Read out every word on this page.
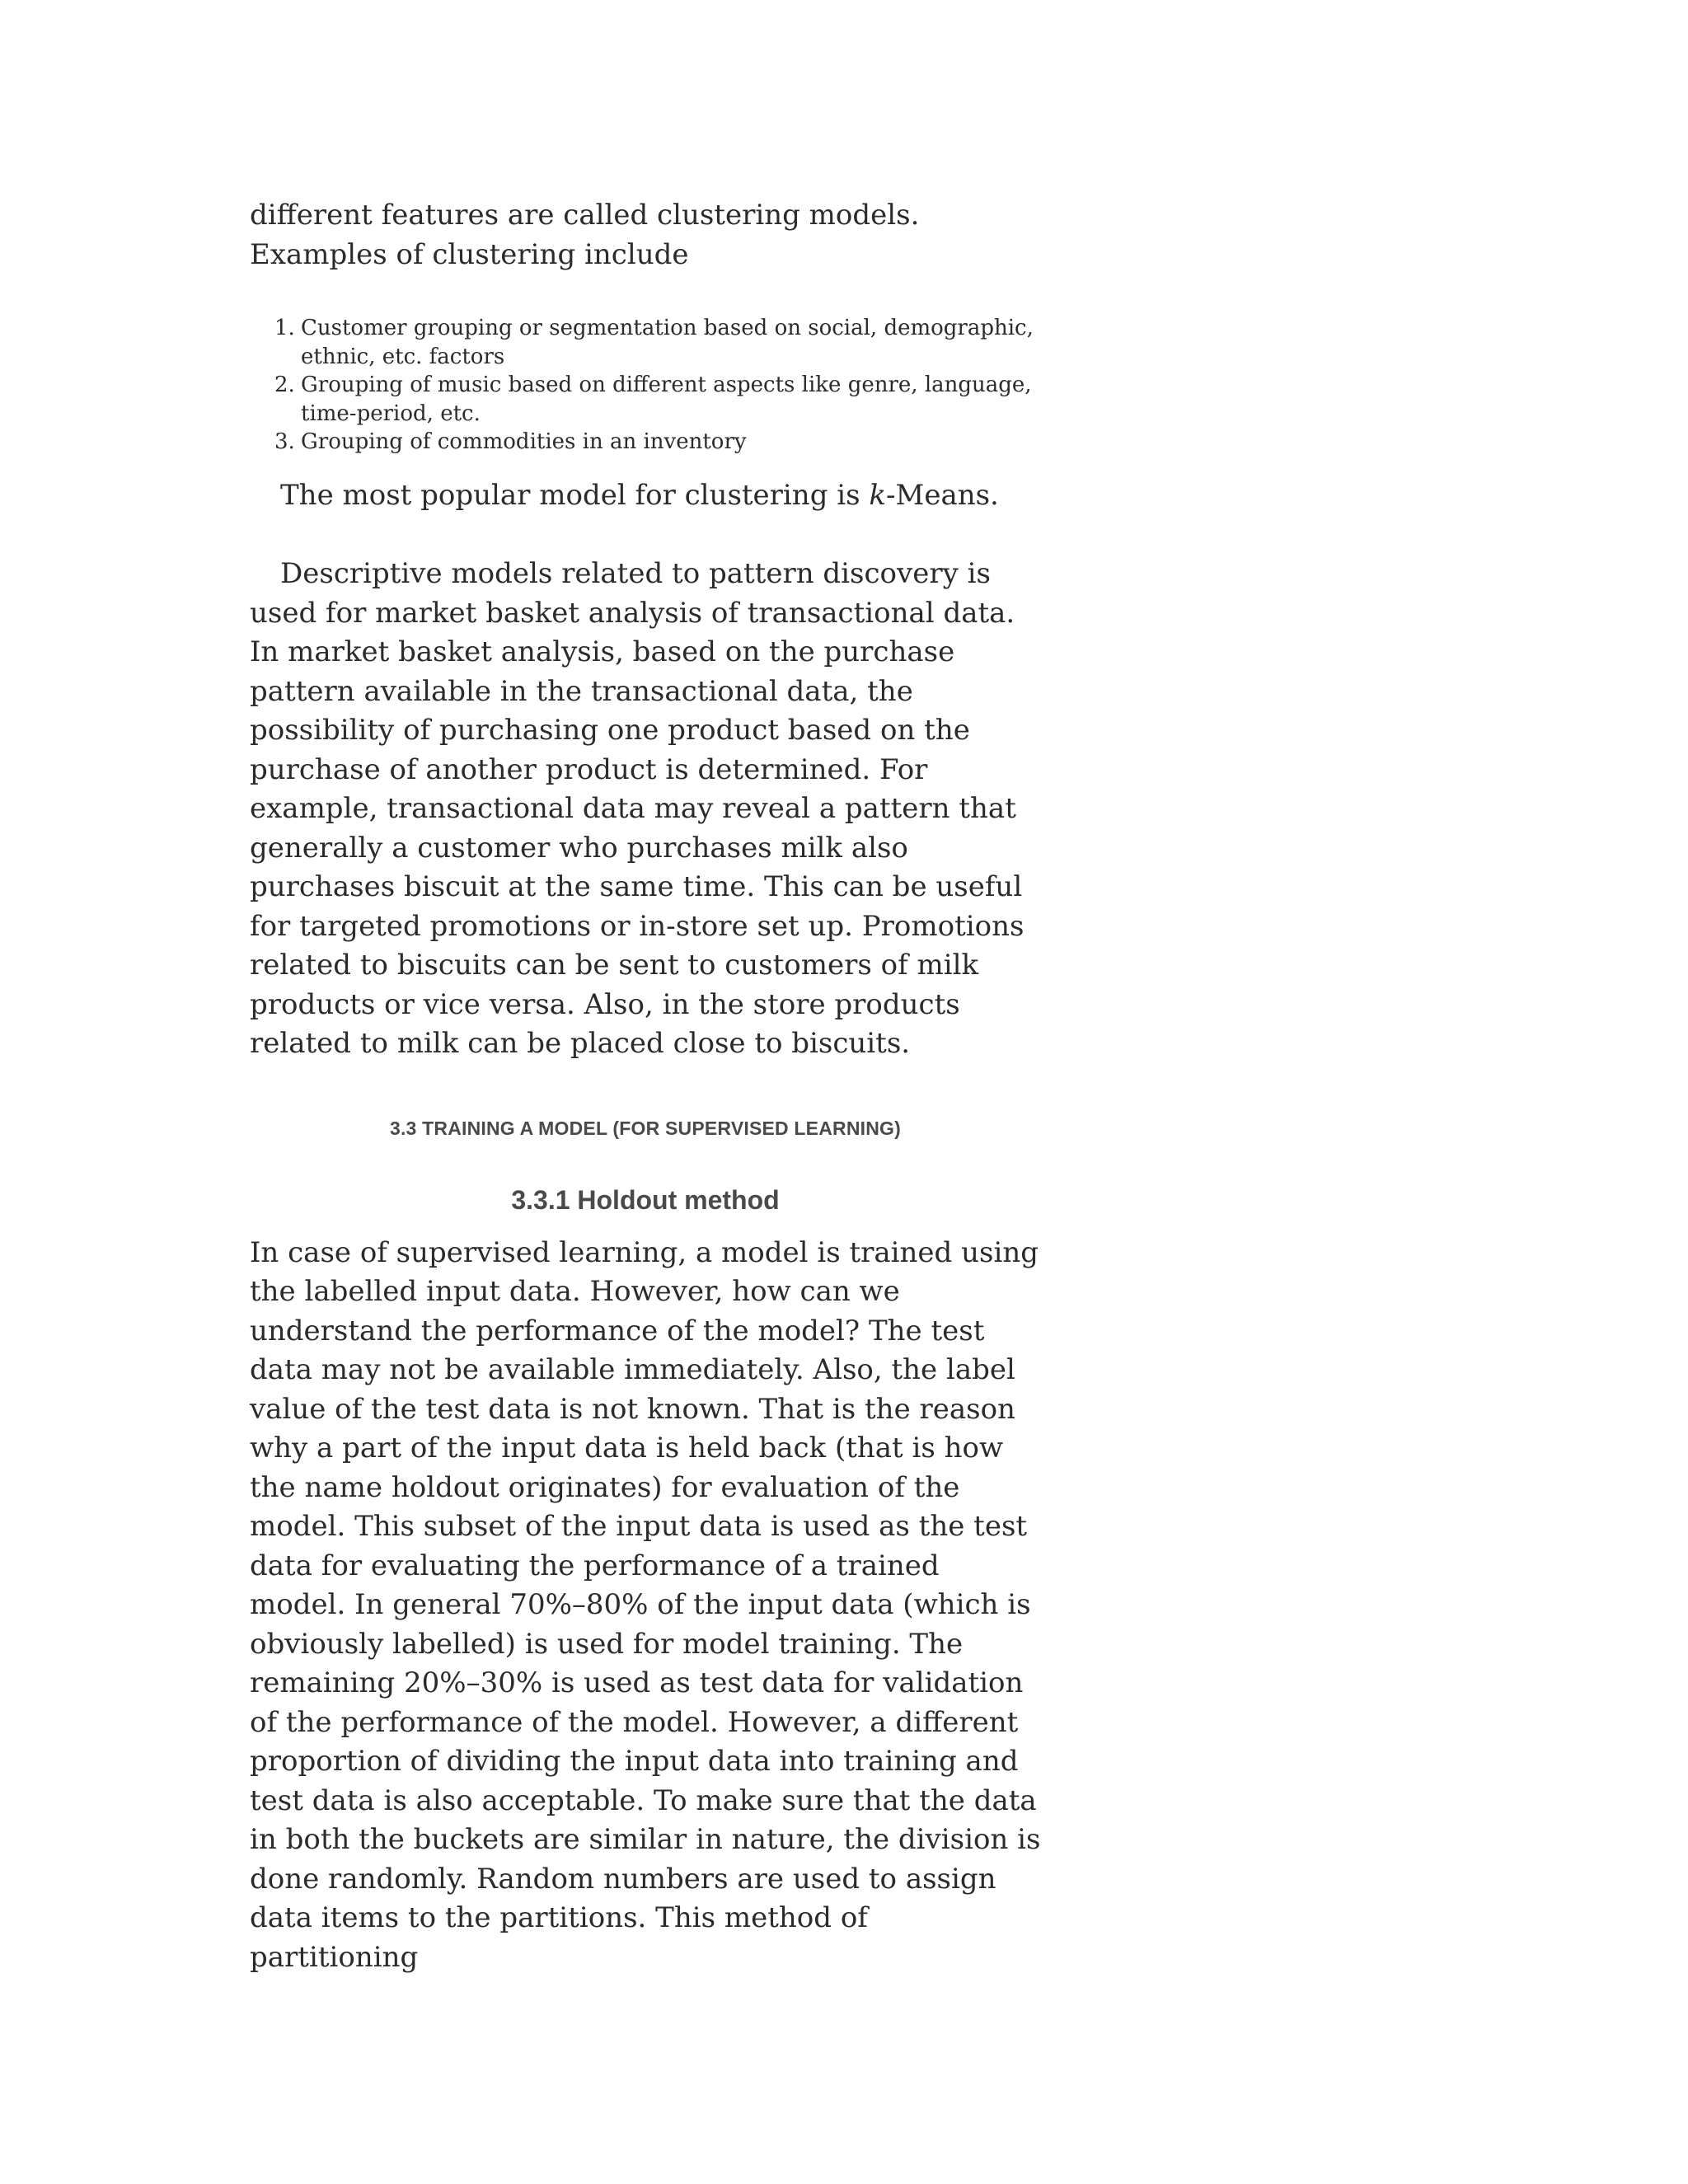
different features are called clustering models. Examples of clustering include

1. Customer grouping or segmentation based on social, demographic, ethnic, etc. factors
2. Grouping of music based on different aspects like genre, language, time-period, etc.
3. Grouping of commodities in an inventory

The most popular model for clustering is k-Means.

Descriptive models related to pattern discovery is used for market basket analysis of transactional data. In market basket analysis, based on the purchase pattern available in the transactional data, the possibility of purchasing one product based on the purchase of another product is determined. For example, transactional data may reveal a pattern that generally a customer who purchases milk also purchases biscuit at the same time. This can be useful for targeted promotions or in-store set up. Promotions related to biscuits can be sent to customers of milk products or vice versa. Also, in the store products related to milk can be placed close to biscuits.

3.3 TRAINING A MODEL (FOR SUPERVISED LEARNING)
3.3.1 Holdout method

In case of supervised learning, a model is trained using the labelled input data. However, how can we understand the performance of the model? The test data may not be available immediately. Also, the label value of the test data is not known. That is the reason why a part of the input data is held back (that is how the name holdout originates) for evaluation of the model. This subset of the input data is used as the test data for evaluating the performance of a trained model. In general 70%–80% of the input data (which is obviously labelled) is used for model training. The remaining 20%–30% is used as test data for validation of the performance of the model. However, a different proportion of dividing the input data into training and test data is also acceptable. To make sure that the data in both the buckets are similar in nature, the division is done randomly. Random numbers are used to assign data items to the partitions. This method of partitioning
